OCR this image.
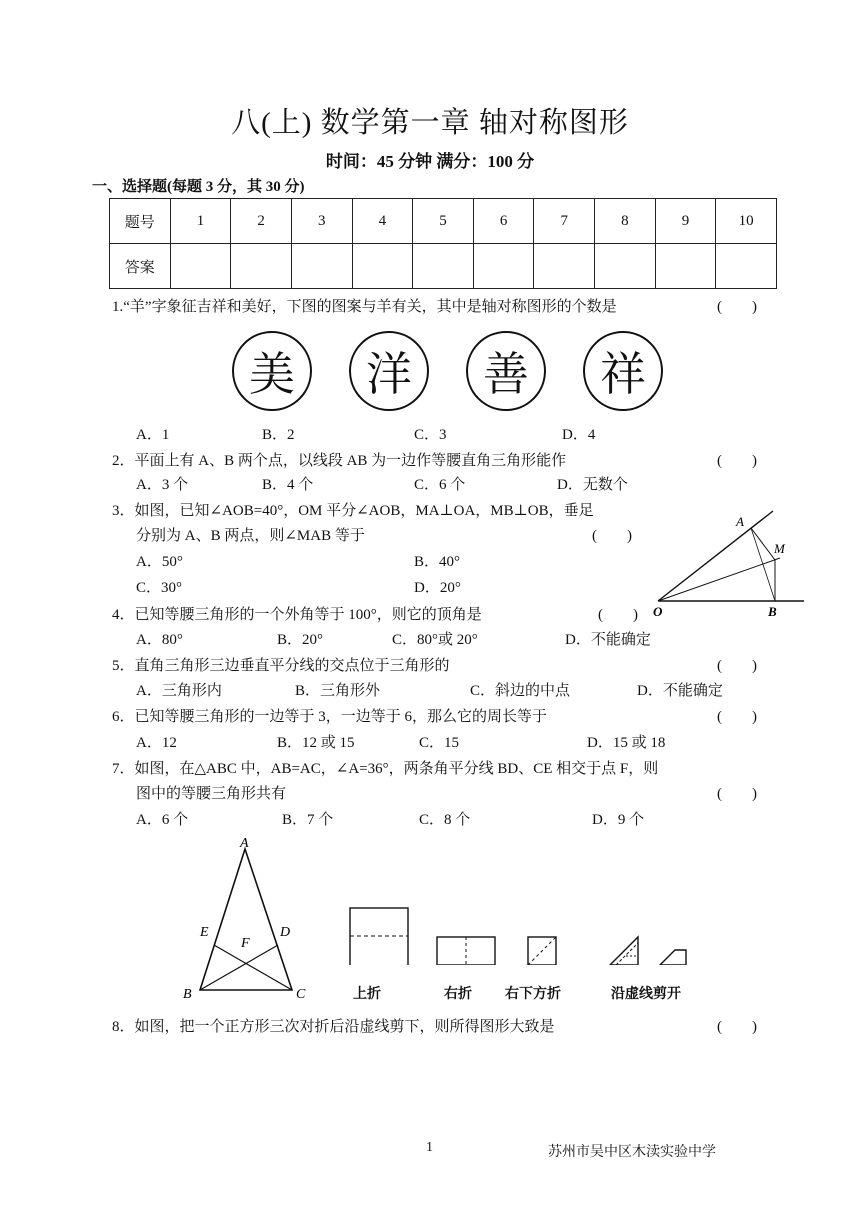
八(上) 数学第一章 轴对称图形
时间：45 分钟 满分：100 分
一、选择题(每题 3 分，其 30 分)
题号	1	2	3	4	5	6	7	8	9	10
答案										
1.“羊”字象征吉祥和美好，下图的图案与羊有关，其中是轴对称图形的个数是	(　　)
美	洋	善	祥
A．1	B．2	C．3	D．4
2．平面上有 A、B 两个点，以线段 AB 为一边作等腰直角三角形能作	(　　)
A．3 个	B．4 个	C．6 个	D．无数个
3．如图，已知∠AOB=40°，OM 平分∠AOB，MA⊥OA，MB⊥OB，垂足
分别为 A、B 两点，则∠MAB 等于	(　　)
A．50°	B．40°
C．30°	D．20°
A
M
O	B
4．已知等腰三角形的一个外角等于 100°，则它的顶角是	(　　)
A．80°	B．20°	C．80°或 20°	D．不能确定
5．直角三角形三边垂直平分线的交点位于三角形的	(　　)
A．三角形内	B．三角形外	C．斜边的中点	D．不能确定
6．已知等腰三角形的一边等于 3，一边等于 6，那么它的周长等于	(　　)
A．12	B．12 或 15	C．15	D．15 或 18
7．如图，在△ABC 中，AB=AC，∠A=36°，两条角平分线 BD、CE 相交于点 F，则
图中的等腰三角形共有	(　　)
A．6 个	B．7 个	C．8 个	D．9 个
A
E
F
D
B	C	上折	右折 右下方折	沿虚线剪开
8．如图，把一个正方形三次对折后沿虚线剪下，则所得图形大致是	(　　)
1	苏州市吴中区木渎实验中学
